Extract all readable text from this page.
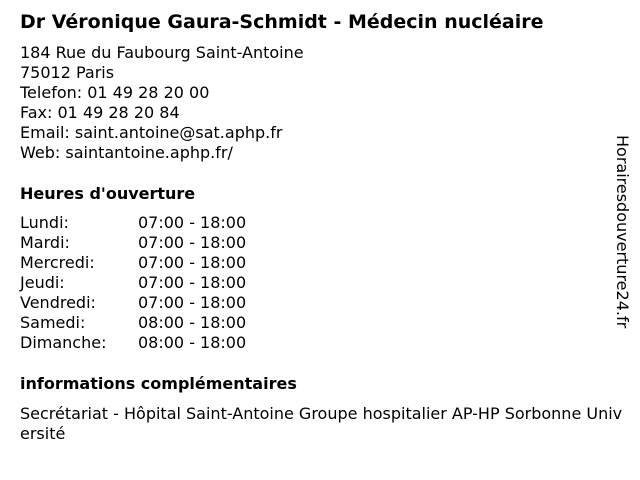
Dr Véronique Gaura-Schmidt - Médecin nucléaire
184 Rue du Faubourg Saint-Antoine
75012 Paris
Telefon: 01 49 28 20 00
Fax: 01 49 28 20 84
Email: saint.antoine@sat.aphp.fr
Web: saintantoine.aphp.fr/
Heures d'ouverture
Lundi:	07:00 - 18:00
Mardi:	07:00 - 18:00
Mercredi:	07:00 - 18:00
Jeudi:	07:00 - 18:00
Vendredi:	07:00 - 18:00
Samedi:	08:00 - 18:00
Dimanche: 08:00 - 18:00
informations complémentaires
Secrétariat - Hôpital Saint-Antoine Groupe hospitalier AP-HP Sorbonne Université
Horairesdouverture24.fr
